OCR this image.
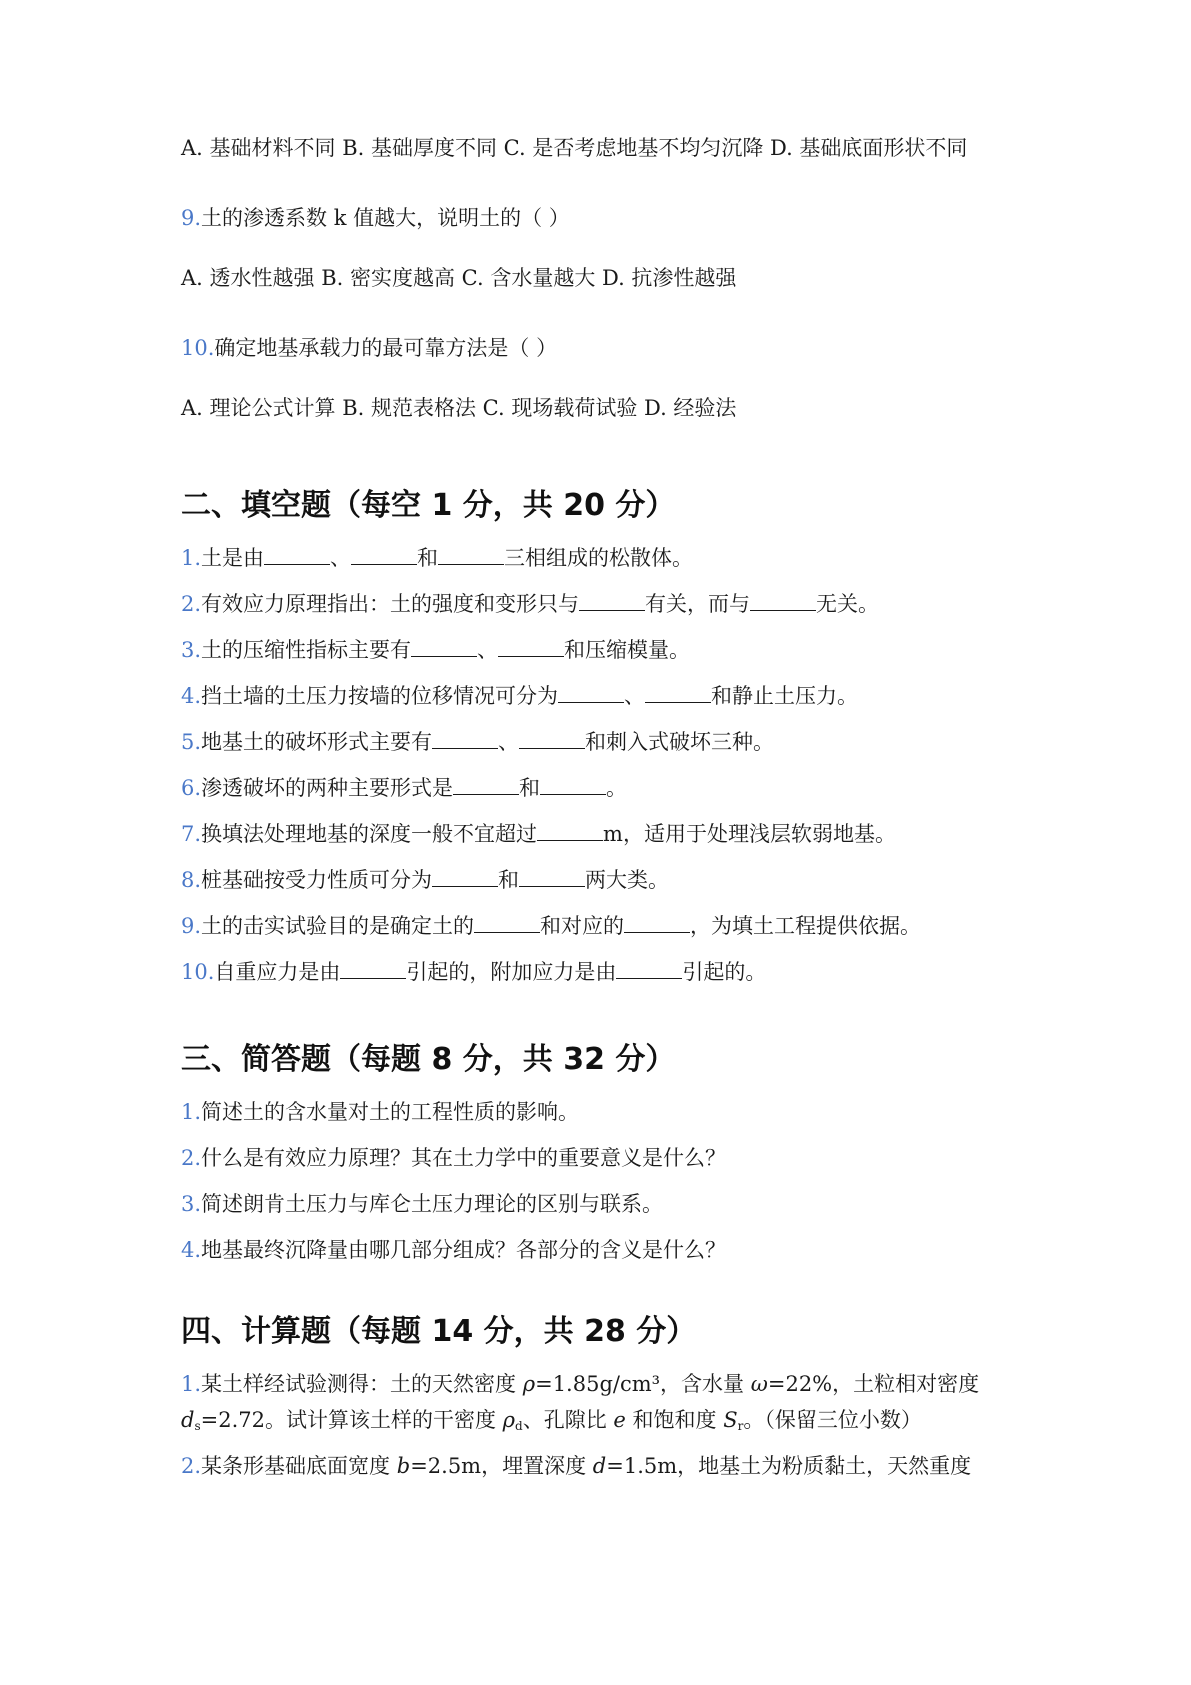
A. 基础材料不同 B. 基础厚度不同 C. 是否考虑地基不均匀沉降 D. 基础底面形状不同
9.土的渗透系数 k 值越大，说明土的（ ）
A. 透水性越强 B. 密实度越高 C. 含水量越大 D. 抗渗性越强
10.确定地基承载力的最可靠方法是（ ）
A. 理论公式计算 B. 规范表格法 C. 现场载荷试验 D. 经验法
二、填空题（每空 1 分，共 20 分）
1.土是由	、	和	三相组成的松散体。
2.有效应力原理指出：土的强度和变形只与	有关，而与	无关。
3.土的压缩性指标主要有	、	和压缩模量。
4.挡土墙的土压力按墙的位移情况可分为	、	和静止土压力。
5.地基土的破坏形式主要有	、	和刺入式破坏三种。
6.渗透破坏的两种主要形式是	和	。
7.换填法处理地基的深度一般不宜超过	m，适用于处理浅层软弱地基。
8.桩基础按受力性质可分为	和	两大类。
9.土的击实试验目的是确定土的	和对应的	，为填土工程提供依据。
10.自重应力是由	引起的，附加应力是由	引起的。
三、简答题（每题 8 分，共 32 分）
1.简述土的含水量对土的工程性质的影响。
2.什么是有效应力原理？其在土力学中的重要意义是什么？
3.简述朗肯土压力与库仑土压力理论的区别与联系。
4.地基最终沉降量由哪几部分组成？各部分的含义是什么？
四、计算题（每题 14 分，共 28 分）
1.某土样经试验测得：土的天然密度 ρ=1.85g/cm³，含水量 ω=22%，土粒相对密度
$d_s=2.72$。试计算该土样的干密度 $\rho_d$、孔隙比 e 和饱和度 $S_r$。（保留三位小数）
2.某条形基础底面宽度 b=2.5m，埋置深度 d=1.5m，地基土为粉质黏土，天然重度
